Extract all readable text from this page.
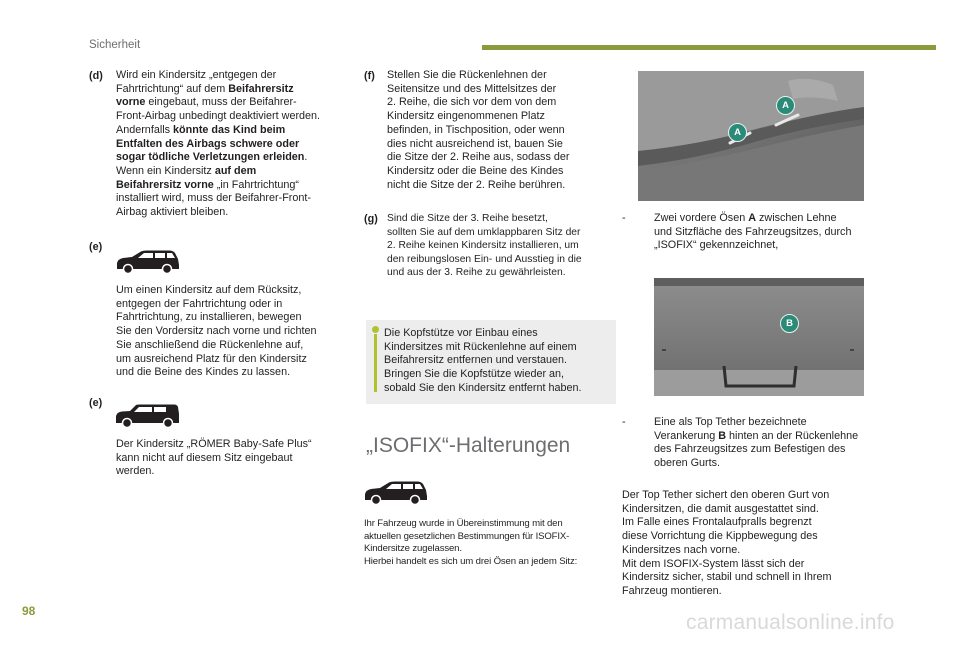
Sicherheit
(d) Wird ein Kindersitz „entgegen der
Fahrtrichtung“ auf dem Beifahrersitz
vorne eingebaut, muss der Beifahrer-
Front-Airbag unbedingt deaktiviert werden.
Andernfalls könnte das Kind beim
Entfalten des Airbags schwere oder
sogar tödliche Verletzungen erleiden.
Wenn ein Kindersitz auf dem
Beifahrersitz vorne „in Fahrtrichtung“
installiert wird, muss der Beifahrer-Front-
Airbag aktiviert bleiben.
(e)
Um einen Kindersitz auf dem Rücksitz,
entgegen der Fahrtrichtung oder in
Fahrtrichtung, zu installieren, bewegen
Sie den Vordersitz nach vorne und richten
Sie anschließend die Rückenlehne auf,
um ausreichend Platz für den Kindersitz
und die Beine des Kindes zu lassen.
(e)
Der Kindersitz „RÖMER Baby-Safe Plus“
kann nicht auf diesem Sitz eingebaut
werden.
(f) Stellen Sie die Rückenlehnen der
Seitensitze und des Mittelsitzes der
2. Reihe, die sich vor dem von dem
Kindersitz eingenommenen Platz
befinden, in Tischposition, oder wenn
dies nicht ausreichend ist, bauen Sie
die Sitze der 2. Reihe aus, sodass der
Kindersitz oder die Beine des Kindes
nicht die Sitze der 2. Reihe berühren.
(g) Sind die Sitze der 3. Reihe besetzt,
sollten Sie auf dem umklappbaren Sitz der
2. Reihe keinen Kindersitz installieren, um
den reibungslosen Ein- und Ausstieg in die
und aus der 3. Reihe zu gewährleisten.
Die Kopfstütze vor Einbau eines
Kindersitzes mit Rückenlehne auf einem
Beifahrersitz entfernen und verstauen.
Bringen Sie die Kopfstütze wieder an,
sobald Sie den Kindersitz entfernt haben.
„ISOFIX“-Halterungen
Ihr Fahrzeug wurde in Übereinstimmung mit den
aktuellen gesetzlichen Bestimmungen für ISOFIX-
Kindersitze zugelassen.
Hierbei handelt es sich um drei Ösen an jedem Sitz:
A
A
-	Zwei vordere Ösen A zwischen Lehne
und Sitzfläche des Fahrzeugsitzes, durch
„ISOFIX“ gekennzeichnet,
B
-	Eine als Top Tether bezeichnete
Verankerung B hinten an der Rückenlehne
des Fahrzeugsitzes zum Befestigen des
oberen Gurts.
Der Top Tether sichert den oberen Gurt von
Kindersitzen, die damit ausgestattet sind.
Im Falle eines Frontalaufpralls begrenzt
diese Vorrichtung die Kippbewegung des
Kindersitzes nach vorne.
Mit dem ISOFIX-System lässt sich der
Kindersitz sicher, stabil und schnell in Ihrem
Fahrzeug montieren.
98	carmanualsonline.info
